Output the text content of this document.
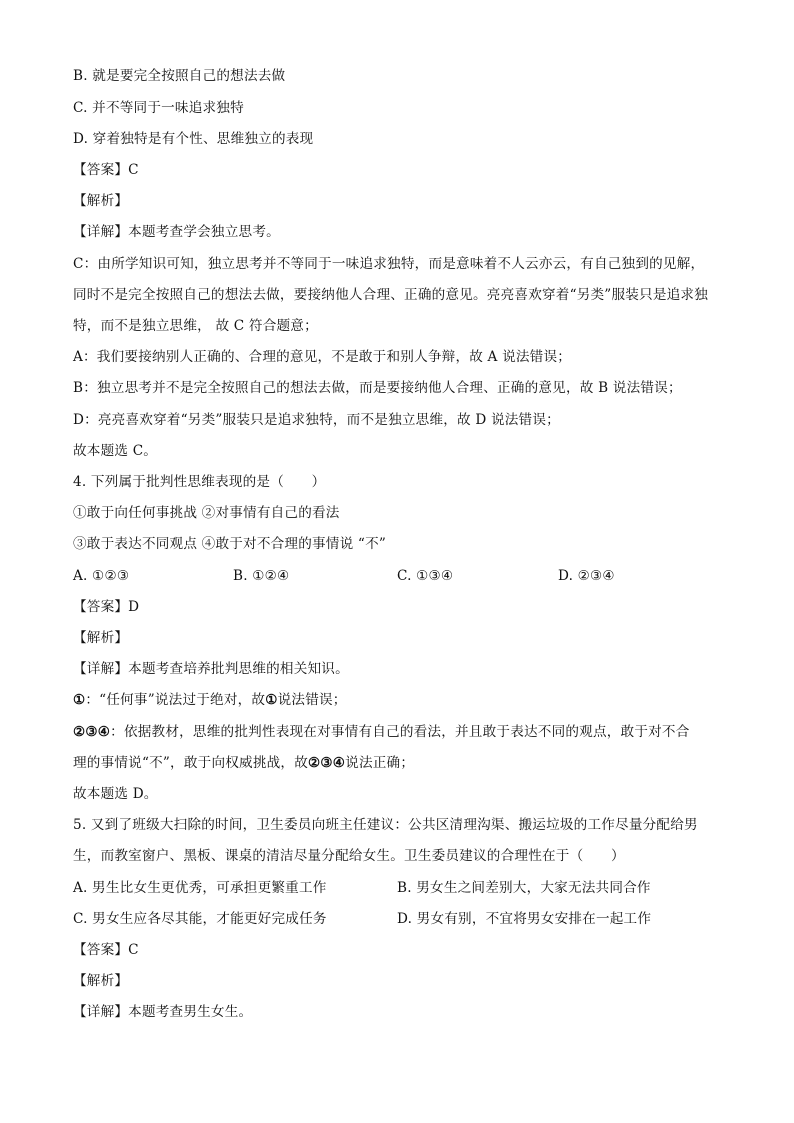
B. 就是要完全按照自己的想法去做
C. 并不等同于一味追求独特
D. 穿着独特是有个性、思维独立的表现
【答案】C
【解析】
【详解】本题考查学会独立思考。
C：由所学知识可知，独立思考并不等同于一味追求独特，而是意味着不人云亦云，有自己独到的见解，
同时不是完全按照自己的想法去做，要接纳他人合理、正确的意见。亮亮喜欢穿着“另类”服装只是追求独
特，而不是独立思维， 故 C 符合题意；
A：我们要接纳别人正确的、合理的意见，不是敢于和别人争辩，故 A 说法错误；
B：独立思考并不是完全按照自己的想法去做，而是要接纳他人合理、正确的意见，故 B 说法错误；
D：亮亮喜欢穿着“另类”服装只是追求独特，而不是独立思维，故 D 说法错误；
故本题选 C。
4. 下列属于批判性思维表现的是（　　）
①敢于向任何事挑战 ②对事情有自己的看法
③敢于表达不同观点 ④敢于对不合理的事情说 “不”
A. ①②③	B. ①②④	C. ①③④	D. ②③④
【答案】D
【解析】
【详解】本题考查培养批判思维的相关知识。
①：“任何事”说法过于绝对，故①说法错误；
②③④：依据教材，思维的批判性表现在对事情有自己的看法，并且敢于表达不同的观点，敢于对不合
理的事情说“不”，敢于向权威挑战，故②③④说法正确；
故本题选 D。
5. 又到了班级大扫除的时间，卫生委员向班主任建议：公共区清理沟渠、搬运垃圾的工作尽量分配给男
生，而教室窗户、黑板、课桌的清洁尽量分配给女生。卫生委员建议的合理性在于（　　）
A. 男生比女生更优秀，可承担更繁重工作	B. 男女生之间差别大，大家无法共同合作
C. 男女生应各尽其能，才能更好完成任务	D. 男女有别，不宜将男女安排在一起工作
【答案】C
【解析】
【详解】本题考查男生女生。
